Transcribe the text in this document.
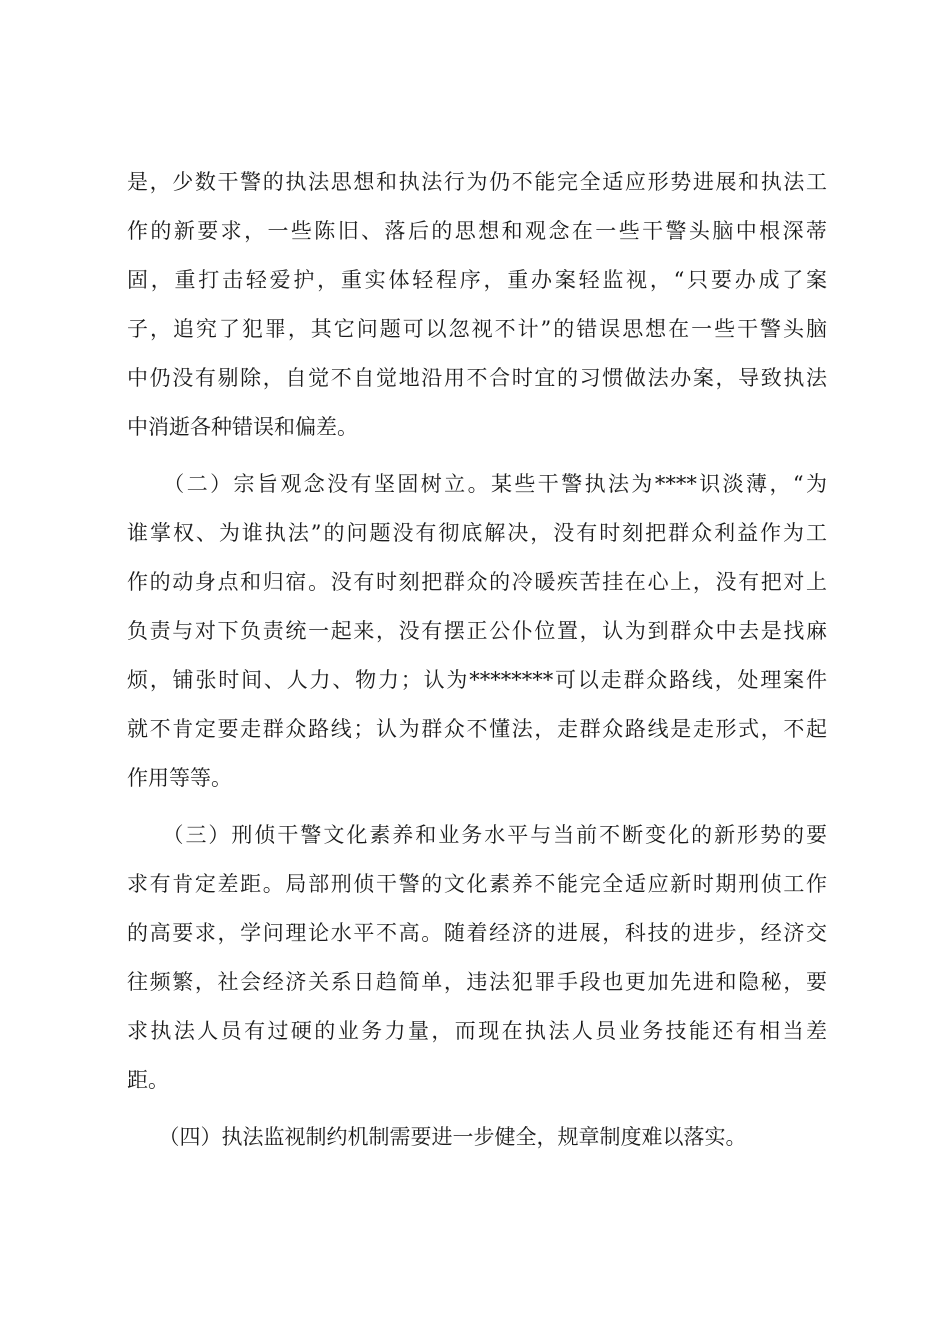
是，少数干警的执法思想和执法行为仍不能完全适应形势进展和执法工
作的新要求，一些陈旧、落后的思想和观念在一些干警头脑中根深蒂
固，重打击轻爱护，重实体轻程序，重办案轻监视，“只要办成了案
子，追究了犯罪，其它问题可以忽视不计”的错误思想在一些干警头脑
中仍没有剔除，自觉不自觉地沿用不合时宜的习惯做法办案，导致执法
中消逝各种错误和偏差。
　　（二）宗旨观念没有坚固树立。某些干警执法为****识淡薄，“为
谁掌权、为谁执法”的问题没有彻底解决，没有时刻把群众利益作为工
作的动身点和归宿。没有时刻把群众的冷暖疾苦挂在心上，没有把对上
负责与对下负责统一起来，没有摆正公仆位置，认为到群众中去是找麻
烦，铺张时间、人力、物力；认为********可以走群众路线，处理案件
就不肯定要走群众路线；认为群众不懂法，走群众路线是走形式，不起
作用等等。
　　（三）刑侦干警文化素养和业务水平与当前不断变化的新形势的要
求有肯定差距。局部刑侦干警的文化素养不能完全适应新时期刑侦工作
的高要求，学问理论水平不高。随着经济的进展，科技的进步，经济交
往频繁，社会经济关系日趋简单，违法犯罪手段也更加先进和隐秘，要
求执法人员有过硬的业务力量，而现在执法人员业务技能还有相当差
距。
　　（四）执法监视制约机制需要进一步健全，规章制度难以落实。
